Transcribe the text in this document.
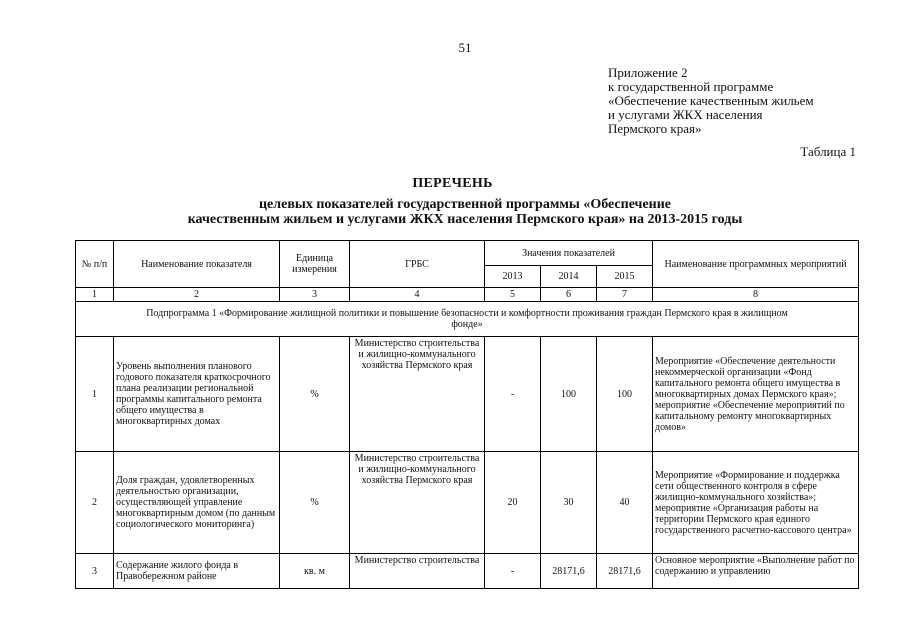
51
Приложение 2
к государственной программе
«Обеспечение качественным жильем
и услугами ЖКХ населения
Пермского края»
Таблица 1
ПЕРЕЧЕНЬ
целевых показателей государственной программы «Обеспечение
качественным жильем и услугами ЖКХ населения Пермского края» на 2013-2015 годы
№ п/п	Наименование показателя	Единица измерения	ГРБС	Значения показателей			Наименование программных мероприятий
				2013	2014	2015	
1	2	3	4	5	6	7	8
Подпрограмма 1 «Формирование жилищной политики и повышение безопасности и комфортности проживания граждан Пермского края в жилищном фонде»							
1	Уровень выполнения планового годового показателя краткосрочного плана реализации региональной программы капитального ремонта общего имущества в многоквартирных домах	%	Министерство строительства и жилищно-коммунального хозяйства Пермского края	-	100	100	Мероприятие «Обеспечение деятельности некоммерческой организации «Фонд капитального ремонта общего имущества в многоквартирных домах Пермского края»; мероприятие «Обеспечение мероприятий по капитальному ремонту многоквартирных домов»
2	Доля граждан, удовлетворенных деятельностью организации, осуществляющей управление многоквартирным домом (по данным социологического мониторинга)	%	Министерство строительства и жилищно-коммунального хозяйства Пермского края	20	30	40	Мероприятие «Формирование и поддержка сети общественного контроля в сфере жилищно-коммунального хозяйства»; мероприятие «Организация работы на территории Пермского края единого государственного расчетно-кассового центра»
3	Содержание жилого фонда в Правобережном районе	кв. м	Министерство строительства	-	28171,6	28171,6	Основное мероприятие «Выполнение работ по содержанию и управлению
